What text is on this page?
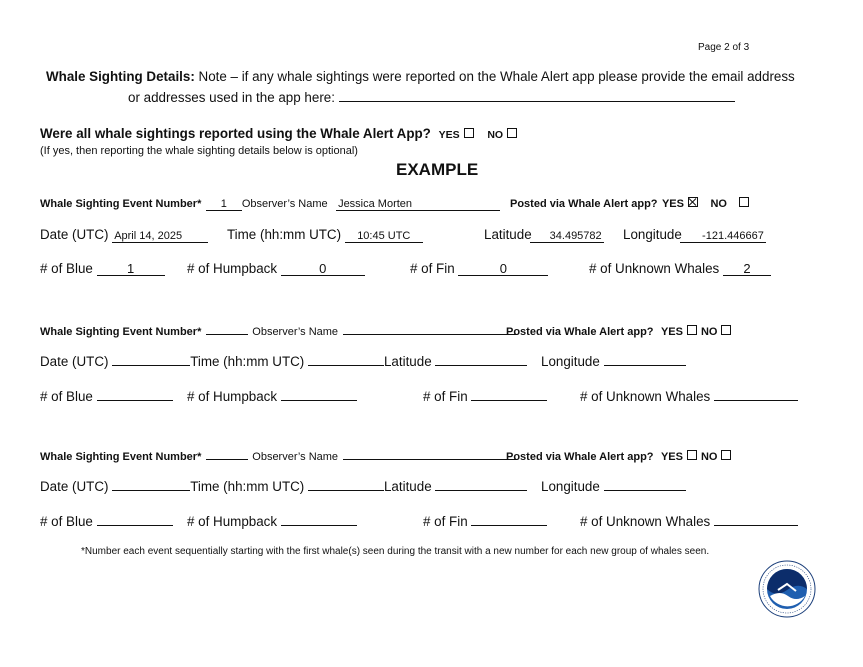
Page 2 of 3
Whale Sighting Details: Note – if any whale sightings were reported on the Whale Alert app please provide the email address
or addresses used in the app here:
Were all whale sightings reported using the Whale Alert App? YES	NO
(If yes, then reporting the whale sighting details below is optional)
EXAMPLE
Whale Sighting Event Number* 1 Observer’s Name Jessica Morten	Posted via Whale Alert app? YES NO
Date (UTC) April 14, 2025	Time (hh:mm UTC) 10:45 UTC	Latitude 34.495782 Longitude -121.446667
# of Blue	1	# of Humpback	0	# of Fin	0	# of Unknown Whales 2
Whale Sighting Event Number*	Observer’s Name	Posted via Whale Alert app? YES NO
Date (UTC)	Time (hh:mm UTC)	Latitude	Longitude
# of Blue	# of Humpback	# of Fin	# of Unknown Whales
Whale Sighting Event Number*	Observer’s Name	Posted via Whale Alert app? YES NO
Date (UTC)	Time (hh:mm UTC)	Latitude	Longitude
# of Blue	# of Humpback	# of Fin	# of Unknown Whales
*Number each event sequentially starting with the first whale(s) seen during the transit with a new number for each new group of whales seen.
